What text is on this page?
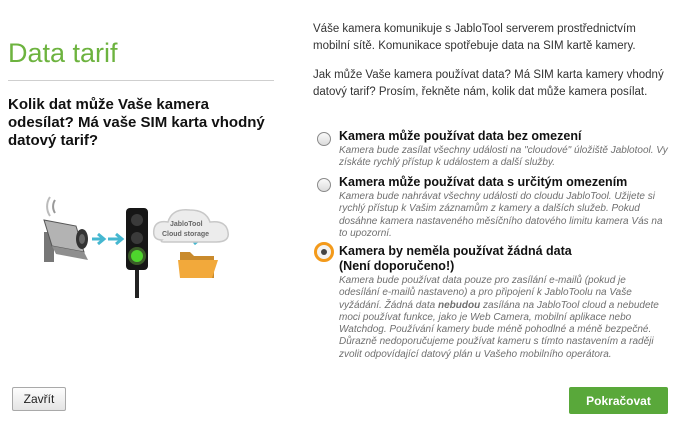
Data tarif
Kolik dat může Vaše kamera odesílat? Má vaše SIM karta vhodný datový tarif?
JabloTool
Cloud storage
Váše kamera komunikuje s JabloTool serverem prostřednictvím mobilní sítě. Komunikace spotřebuje data na SIM kartě kamery.
Jak může Vaše kamera používat data? Má SIM karta kamery vhodný datový tarif? Prosím, řekněte nám, kolik dat může kamera posílat.
Kamera může používat data bez omezení
Kamera bude zasílat všechny události na "cloudové" úložiště Jablotool. Vy získáte rychlý přístup k událostem a další služby.
Kamera může používat data s určitým omezením
Kamera bude nahrávat všechny události do cloudu JabloTool. Užijete si rychlý přístup k Vašim záznamům z kamery a dalších služeb. Pokud dosáhne kamera nastaveného měsíčního datového limitu kamera Vás na to upozorní.
Kamera by neměla používat žádná data
(Není doporučeno!)
Kamera bude používat data pouze pro zasílání e-mailů (pokud je odesílání e-mailů nastaveno) a pro připojení k JabloToolu na Vaše vyžádání. Žádná data nebudou zasílána na JabloTool cloud a nebudete moci používat funkce, jako je Web Camera, mobilní aplikace nebo Watchdog. Používání kamery bude méně pohodlné a méně bezpečné.
Důrazně nedoporučujeme používat kameru s tímto nastavením a raději zvolit odpovídající datový plán u Vašeho mobilního operátora.
Zavřít	Pokračovat
